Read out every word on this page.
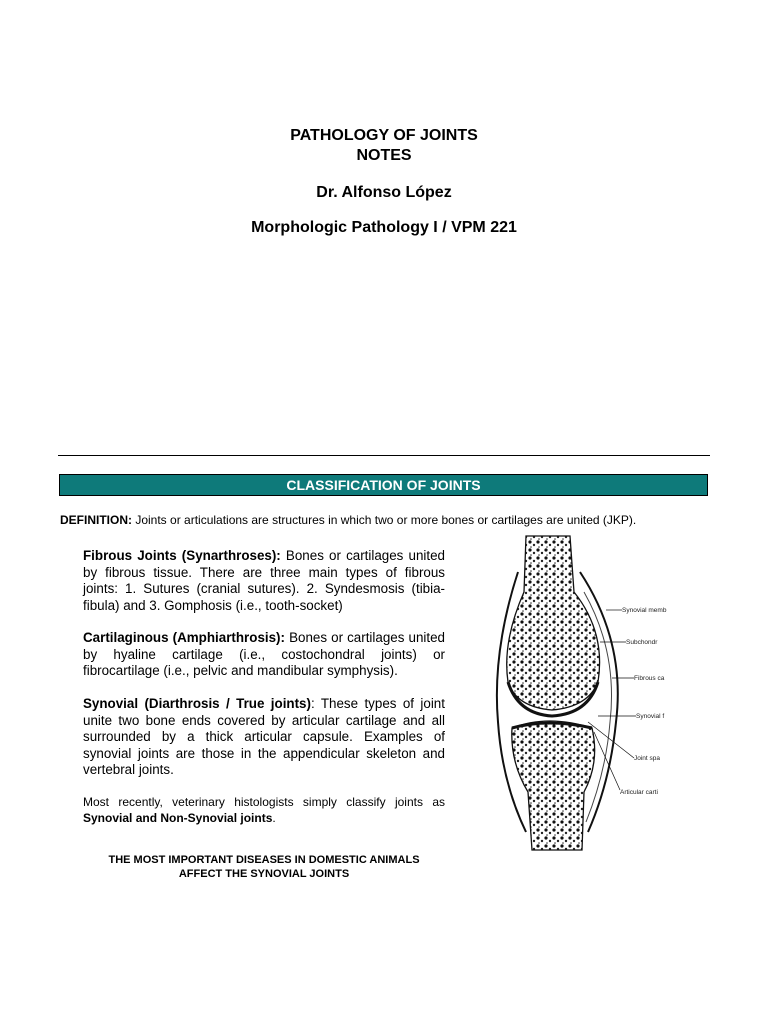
PATHOLOGY OF JOINTS
NOTES
Dr. Alfonso López
Morphologic Pathology I / VPM 221
CLASSIFICATION OF JOINTS
DEFINITION: Joints or articulations are structures in which two or more bones or cartilages are united (JKP).
Fibrous Joints (Synarthroses): Bones or cartilages united by fibrous tissue. There are three main types of fibrous joints: 1. Sutures (cranial sutures). 2. Syndesmosis (tibia-fibula) and 3. Gomphosis (i.e., tooth-socket)
Cartilaginous (Amphiarthrosis): Bones or cartilages united by hyaline cartilage (i.e., costochondral joints) or fibrocartilage (i.e., pelvic and mandibular symphysis).
Synovial (Diarthrosis / True joints): These types of joint unite two bone ends covered by articular cartilage and all surrounded by a thick articular capsule. Examples of synovial joints are those in the appendicular skeleton and vertebral joints.
Most recently, veterinary histologists simply classify joints as Synovial and Non-Synovial joints.
THE MOST IMPORTANT DISEASES IN DOMESTIC ANIMALS
AFFECT THE SYNOVIAL JOINTS
Synovial memb
Subchondr
Fibrous ca
Synovial f
Joint spa
Articular carti
